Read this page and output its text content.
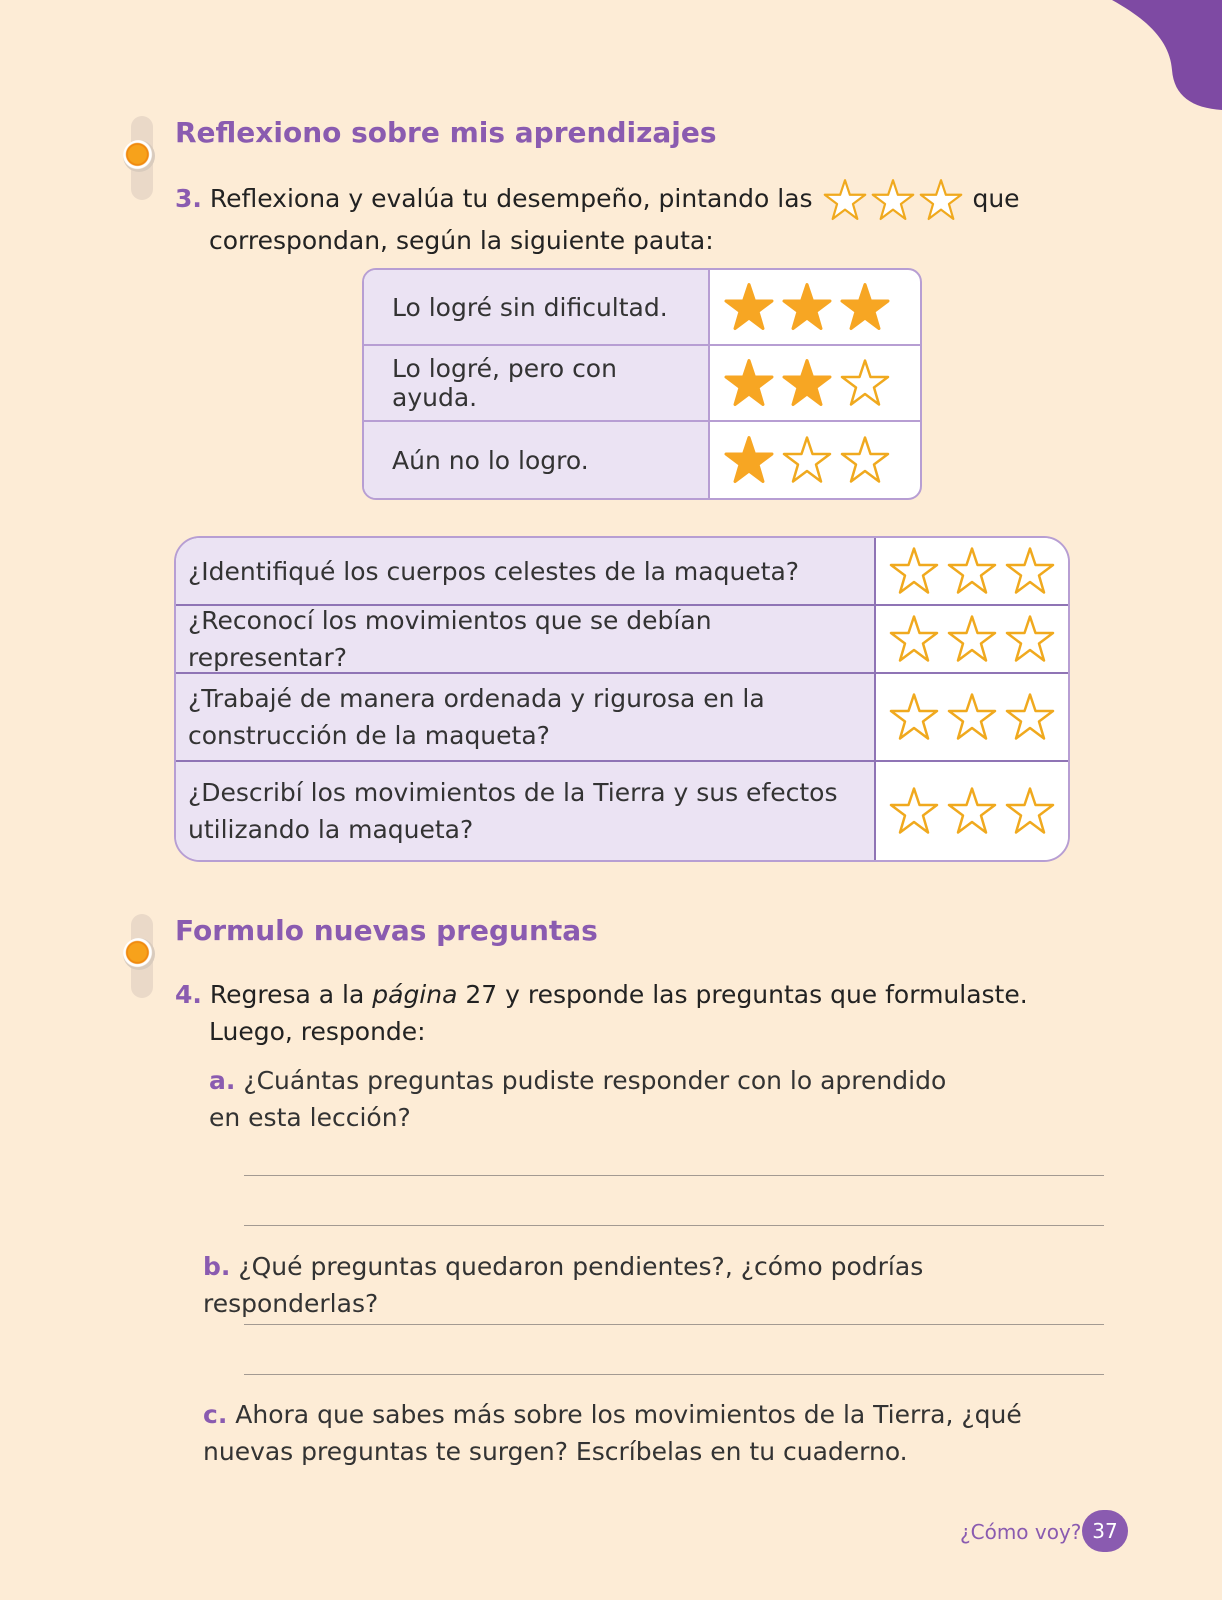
Reflexiono sobre mis aprendizajes
3. Reflexiona y evalúa tu desempeño, pintando las	que
correspondan, según la siguiente pauta:
Lo logré sin dificultad.
Lo logré, pero con ayuda.
Aún no lo logro.
¿Identifiqué los cuerpos celestes de la maqueta?
¿Reconocí los movimientos que se debían representar?
¿Trabajé de manera ordenada y rigurosa en la construcción de la maqueta?
¿Describí los movimientos de la Tierra y sus efectos utilizando la maqueta?
Formulo nuevas preguntas
4. Regresa a la página 27 y responde las preguntas que formulaste.
Luego, responde:
a. ¿Cuántas preguntas pudiste responder con lo aprendido en esta lección?
b. ¿Qué preguntas quedaron pendientes?, ¿cómo podrías responderlas?
c. Ahora que sabes más sobre los movimientos de la Tierra, ¿qué nuevas preguntas te surgen? Escríbelas en tu cuaderno.
¿Cómo voy? 37
